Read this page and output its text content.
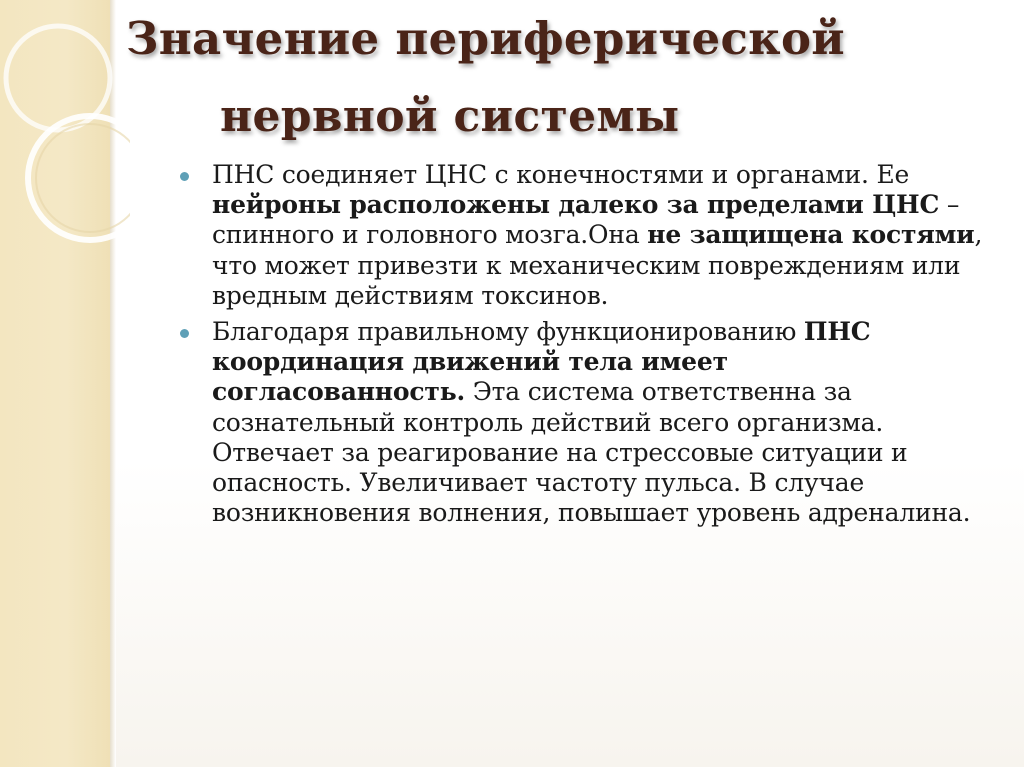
Значение периферической
нервной системы
ПНС соединяет ЦНС с конечностями и органами. Ее нейроны расположены далеко за пределами ЦНС – спинного и головного мозга.Она не защищена костями, что может привезти к механическим повреждениям или вредным действиям токсинов.
Благодаря правильному функционированию ПНС координация движений тела имеет согласованность. Эта система ответственна за сознательный контроль действий всего организма. Отвечает за реагирование на стрессовые ситуации и опасность. Увеличивает частоту пульса. В случае возникновения волнения, повышает уровень адреналина.
